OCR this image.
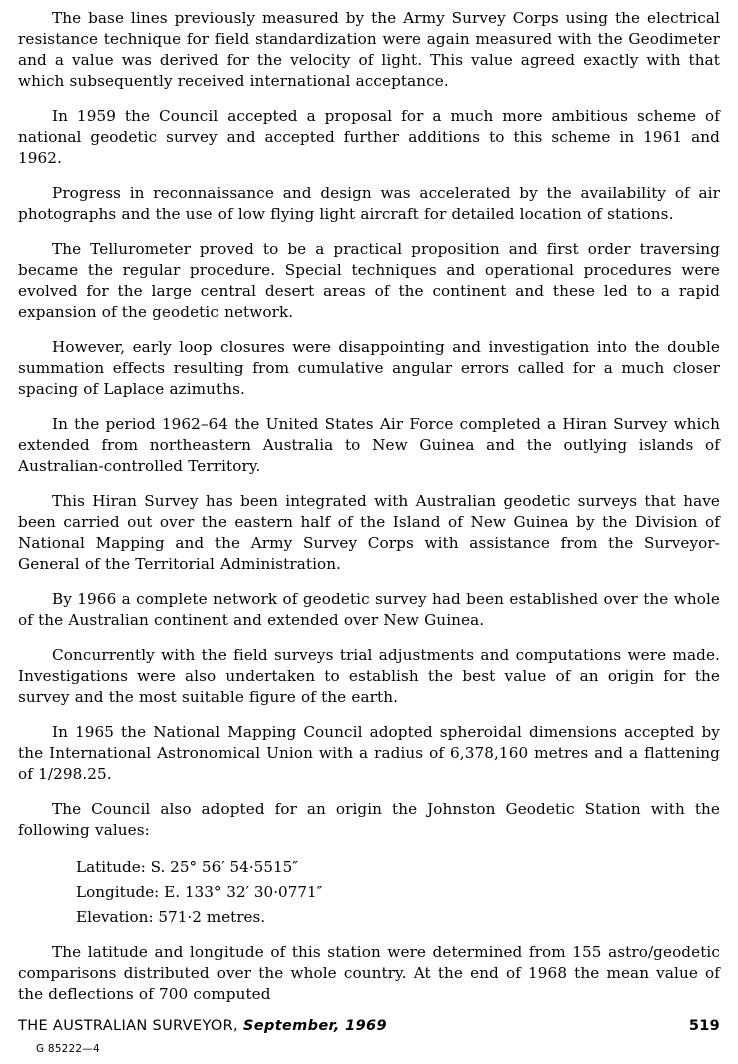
The base lines previously measured by the Army Survey Corps using the electrical resistance technique for field standardization were again measured with the Geodimeter and a value was derived for the velocity of light. This value agreed exactly with that which subsequently received international acceptance.

In 1959 the Council accepted a proposal for a much more ambitious scheme of national geodetic survey and accepted further additions to this scheme in 1961 and 1962.

Progress in reconnaissance and design was accelerated by the availability of air photographs and the use of low flying light aircraft for detailed location of stations.

The Tellurometer proved to be a practical proposition and first order traversing became the regular procedure. Special techniques and operational procedures were evolved for the large central desert areas of the continent and these led to a rapid expansion of the geodetic network.

However, early loop closures were disappointing and investigation into the double summation effects resulting from cumulative angular errors called for a much closer spacing of Laplace azimuths.

In the period 1962–64 the United States Air Force completed a Hiran Survey which extended from northeastern Australia to New Guinea and the outlying islands of Australian-controlled Territory.

This Hiran Survey has been integrated with Australian geodetic surveys that have been carried out over the eastern half of the Island of New Guinea by the Division of National Mapping and the Army Survey Corps with assistance from the Surveyor-General of the Territorial Administration.

By 1966 a complete network of geodetic survey had been established over the whole of the Australian continent and extended over New Guinea.

Concurrently with the field surveys trial adjustments and computations were made. Investigations were also undertaken to establish the best value of an origin for the survey and the most suitable figure of the earth.

In 1965 the National Mapping Council adopted spheroidal dimensions accepted by the International Astronomical Union with a radius of 6,378,160 metres and a flattening of 1/298.25.

The Council also adopted for an origin the Johnston Geodetic Station with the following values:

Latitude: S. 25° 56′ 54·5515″
Longitude: E. 133° 32′ 30·0771″
Elevation: 571·2 metres.

The latitude and longitude of this station were determined from 155 astro/geodetic comparisons distributed over the whole country. At the end of 1968 the mean value of the deflections of 700 computed

THE AUSTRALIAN SURVEYOR, September, 1969	519
G 85222—4
